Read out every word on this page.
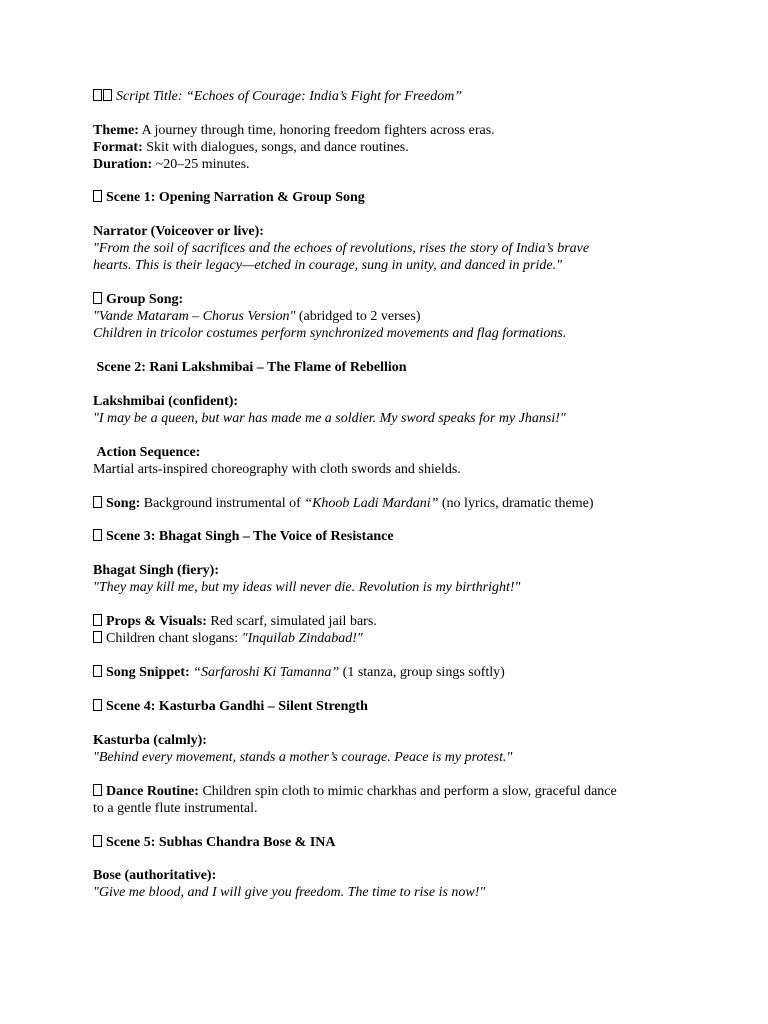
Script Title: “Echoes of Courage: India’s Fight for Freedom”
Theme: A journey through time, honoring freedom fighters across eras.
Format: Skit with dialogues, songs, and dance routines.
Duration: ~20–25 minutes.
Scene 1: Opening Narration & Group Song
Narrator (Voiceover or live):
"From the soil of sacrifices and the echoes of revolutions, rises the story of India’s brave
hearts. This is their legacy—etched in courage, sung in unity, and danced in pride."
Group Song:
"Vande Mataram – Chorus Version" (abridged to 2 verses)
Children in tricolor costumes perform synchronized movements and flag formations.
Scene 2: Rani Lakshmibai – The Flame of Rebellion
Lakshmibai (confident):
"I may be a queen, but war has made me a soldier. My sword speaks for my Jhansi!"
Action Sequence:
Martial arts-inspired choreography with cloth swords and shields.
Song: Background instrumental of “Khoob Ladi Mardani” (no lyrics, dramatic theme)
Scene 3: Bhagat Singh – The Voice of Resistance
Bhagat Singh (fiery):
"They may kill me, but my ideas will never die. Revolution is my birthright!"
Props & Visuals: Red scarf, simulated jail bars.
Children chant slogans: "Inquilab Zindabad!"
Song Snippet: “Sarfaroshi Ki Tamanna” (1 stanza, group sings softly)
Scene 4: Kasturba Gandhi – Silent Strength
Kasturba (calmly):
"Behind every movement, stands a mother’s courage. Peace is my protest."
Dance Routine: Children spin cloth to mimic charkhas and perform a slow, graceful dance
to a gentle flute instrumental.
Scene 5: Subhas Chandra Bose & INA
Bose (authoritative):
"Give me blood, and I will give you freedom. The time to rise is now!"
